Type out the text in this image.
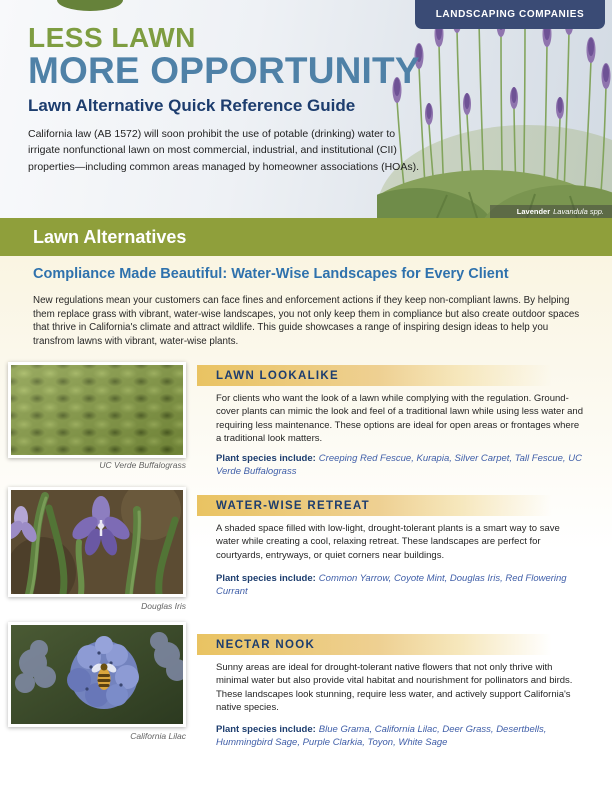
LANDSCAPING COMPANIES
LESS LAWN
MORE OPPORTUNITY
Lawn Alternative Quick Reference Guide
California law (AB 1572) will soon prohibit the use of potable (drinking) water to irrigate nonfunctional lawn on most commercial, industrial, and institutional (CII) properties—including common areas managed by homeowner associations (HOAs).
Lavender Lavandula spp.
Lawn Alternatives
Compliance Made Beautiful: Water-Wise Landscapes for Every Client
New regulations mean your customers can face fines and enforcement actions if they keep non-compliant lawns. By helping them replace grass with vibrant, water-wise landscapes, you not only keep them in compliance but also create outdoor spaces that thrive in California's climate and attract wildlife. This guide showcases a range of inspiring design ideas to help you transfrom lawns with vibrant, water-wise plants.
UC Verde Buffalograss
LAWN LOOKALIKE
For clients who want the look of a lawn while complying with the regulation. Ground-cover plants can mimic the look and feel of a traditional lawn while using less water and requiring less maintenance. These options are ideal for open areas or frontages where a traditional look matters.
Plant species include: Creeping Red Fescue, Kurapia, Silver Carpet, Tall Fescue, UC Verde Buffalograss
Douglas Iris
WATER-WISE RETREAT
A shaded space filled with low-light, drought-tolerant plants is a smart way to save water while creating a cool, relaxing retreat. These landscapes are perfect for courtyards, entryways, or quiet corners near buildings.
Plant species include: Common Yarrow, Coyote Mint, Douglas Iris, Red Flowering Currant
California Lilac
NECTAR NOOK
Sunny areas are ideal for drought-tolerant native flowers that not only thrive with minimal water but also provide vital habitat and nourishment for pollinators and birds. These landscapes look stunning, require less water, and actively support California's native species.
Plant species include: Blue Grama, California Lilac, Deer Grass, Desertbells, Hummingbird Sage, Purple Clarkia, Toyon, White Sage
